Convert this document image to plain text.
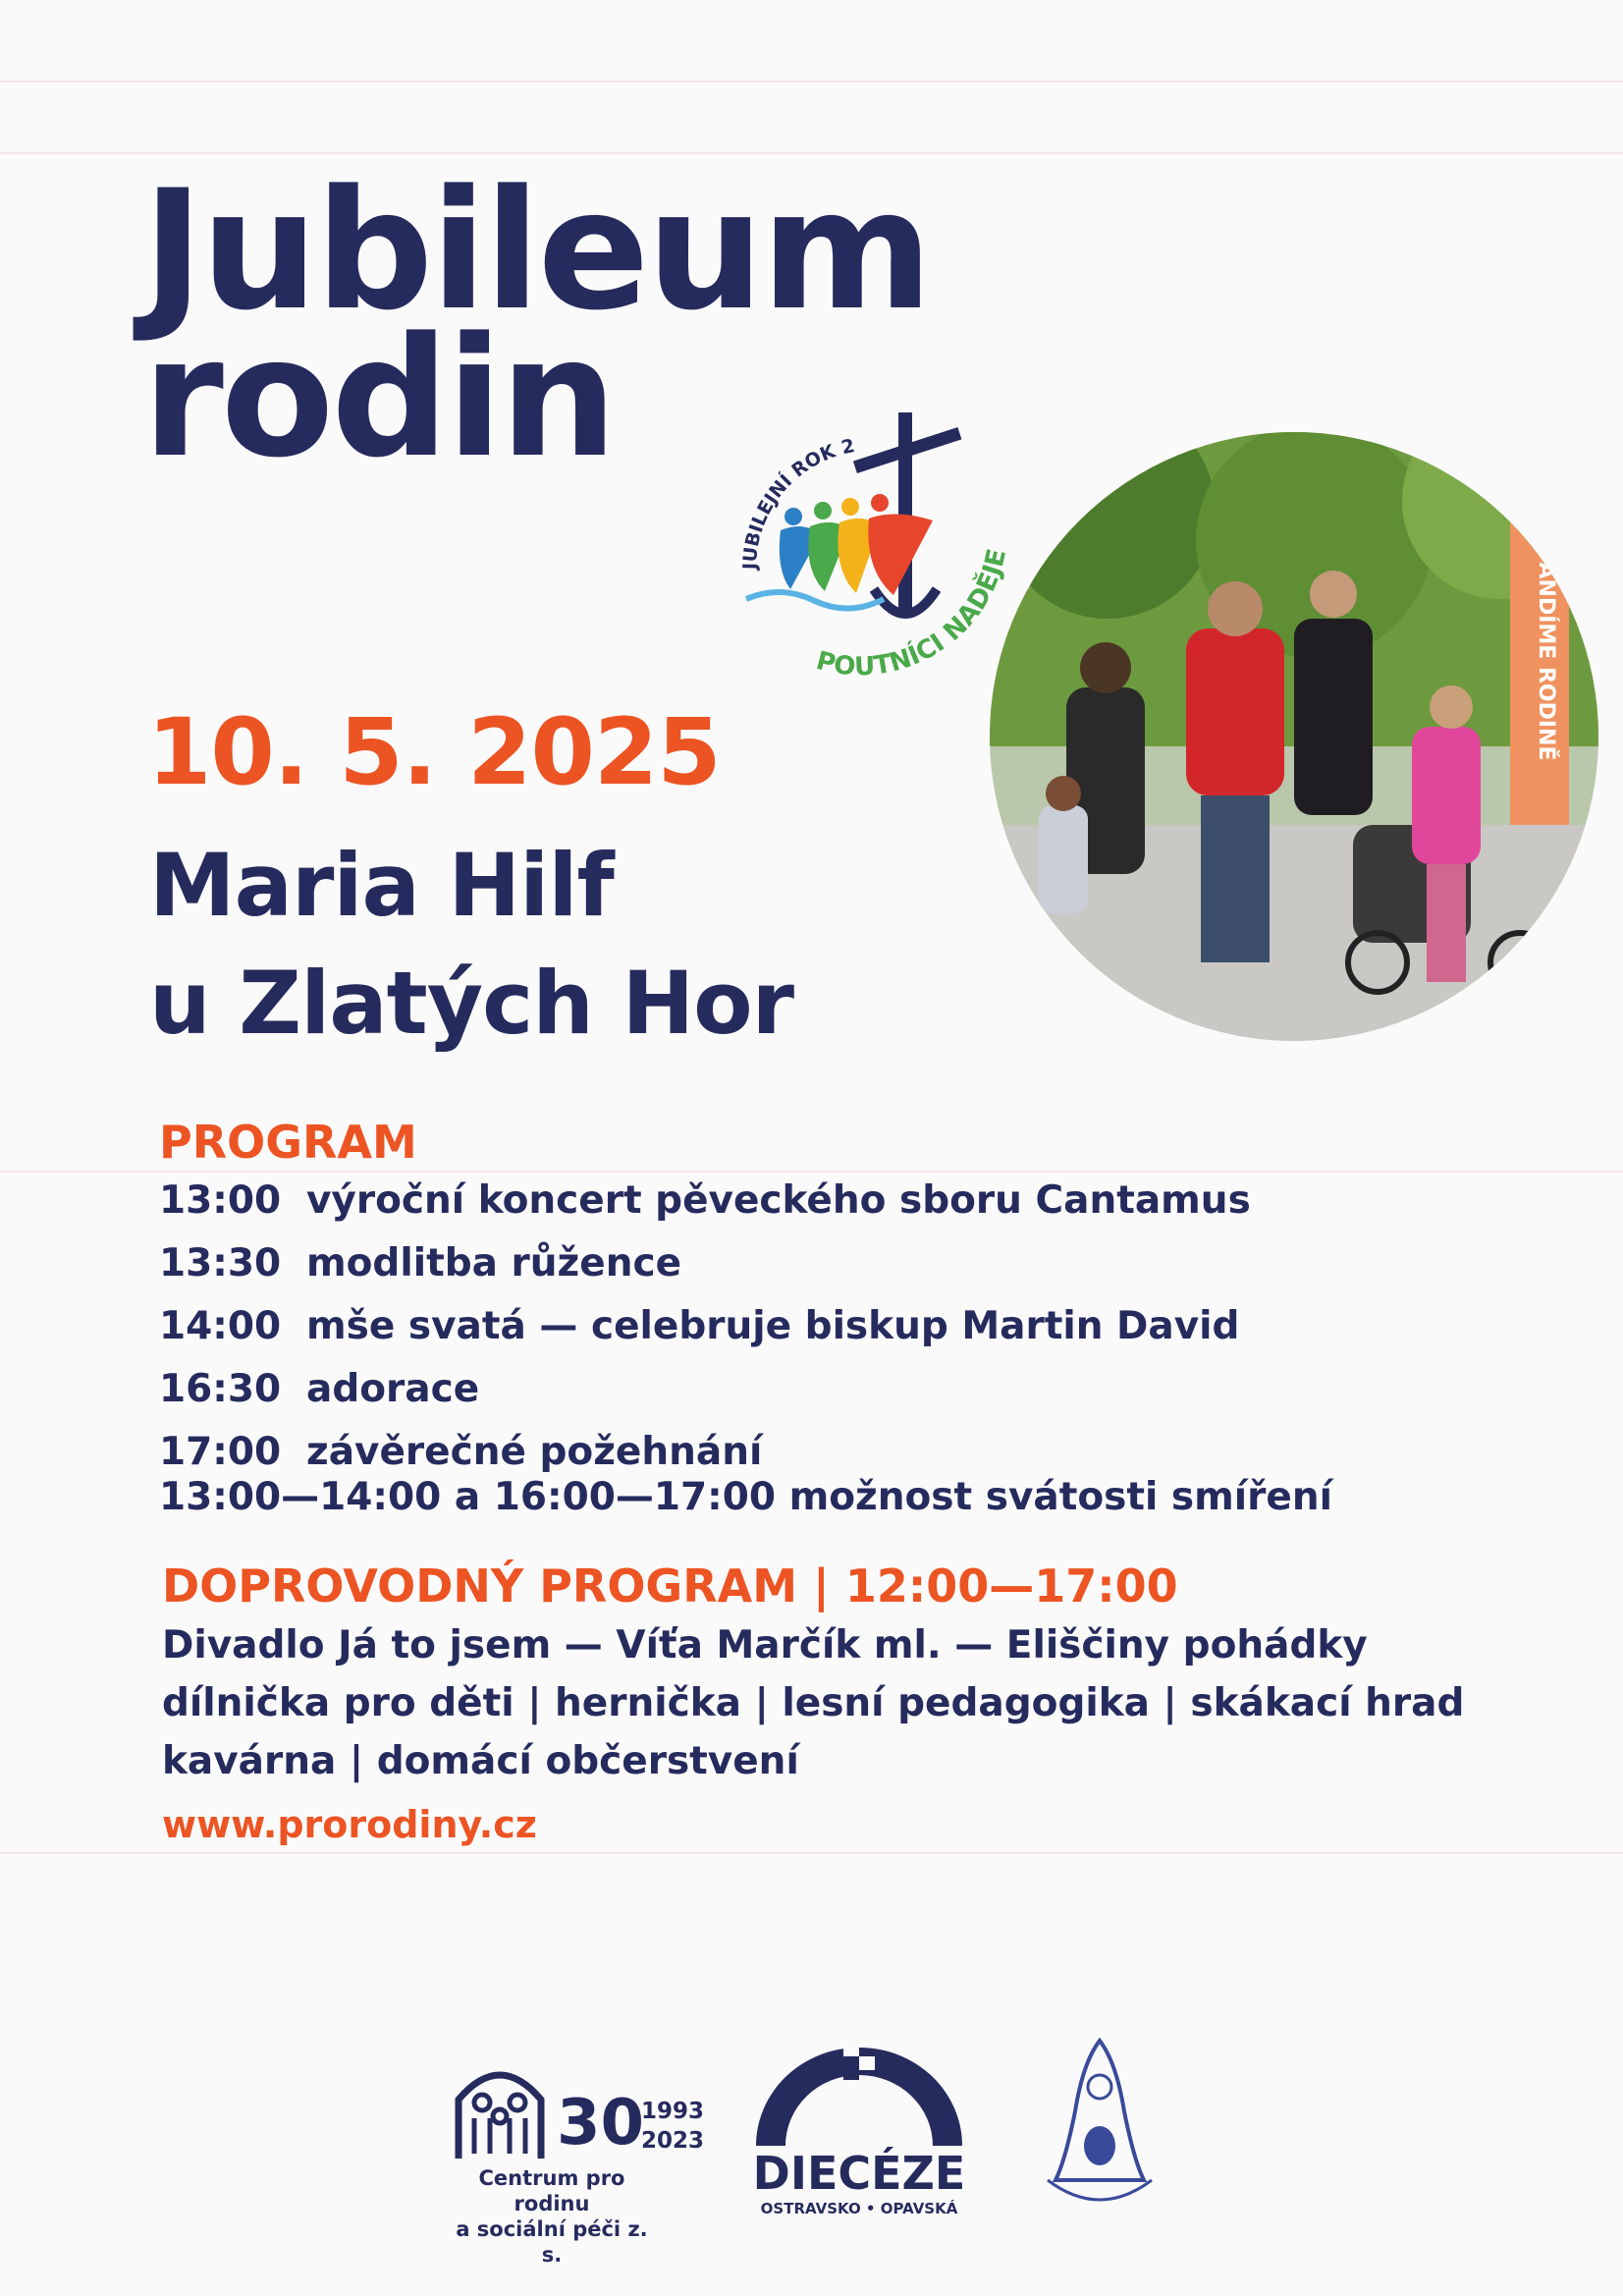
Jubileum
rodin
JUBILEJNÍ ROK 2
POUTNÍCI NADĚJE	FANDÍME RODINĚ
10. 5. 2025
Maria Hilf
u Zlatých Hor
PROGRAM
13:00 výroční koncert pěveckého sboru Cantamus
13:30 modlitba růžence
14:00 mše svatá — celebruje biskup Martin David
16:30 adorace
17:00 závěrečné požehnání
13:00—14:00 a 16:00—17:00 možnost svátosti smíření
DOPROVODNÝ PROGRAM | 12:00—17:00
Divadlo Já to jsem — Víťa Marčík ml. — Eliščiny pohádky
dílnička pro děti | hernička | lesní pedagogika | skákací hrad
kavárna | domácí občerstvení
www.prorodiny.cz
30
1993
2023
Centrum pro rodinu
a sociální péči z. s.
DIECÉZE
OSTRAVSKO • OPAVSKÁ
